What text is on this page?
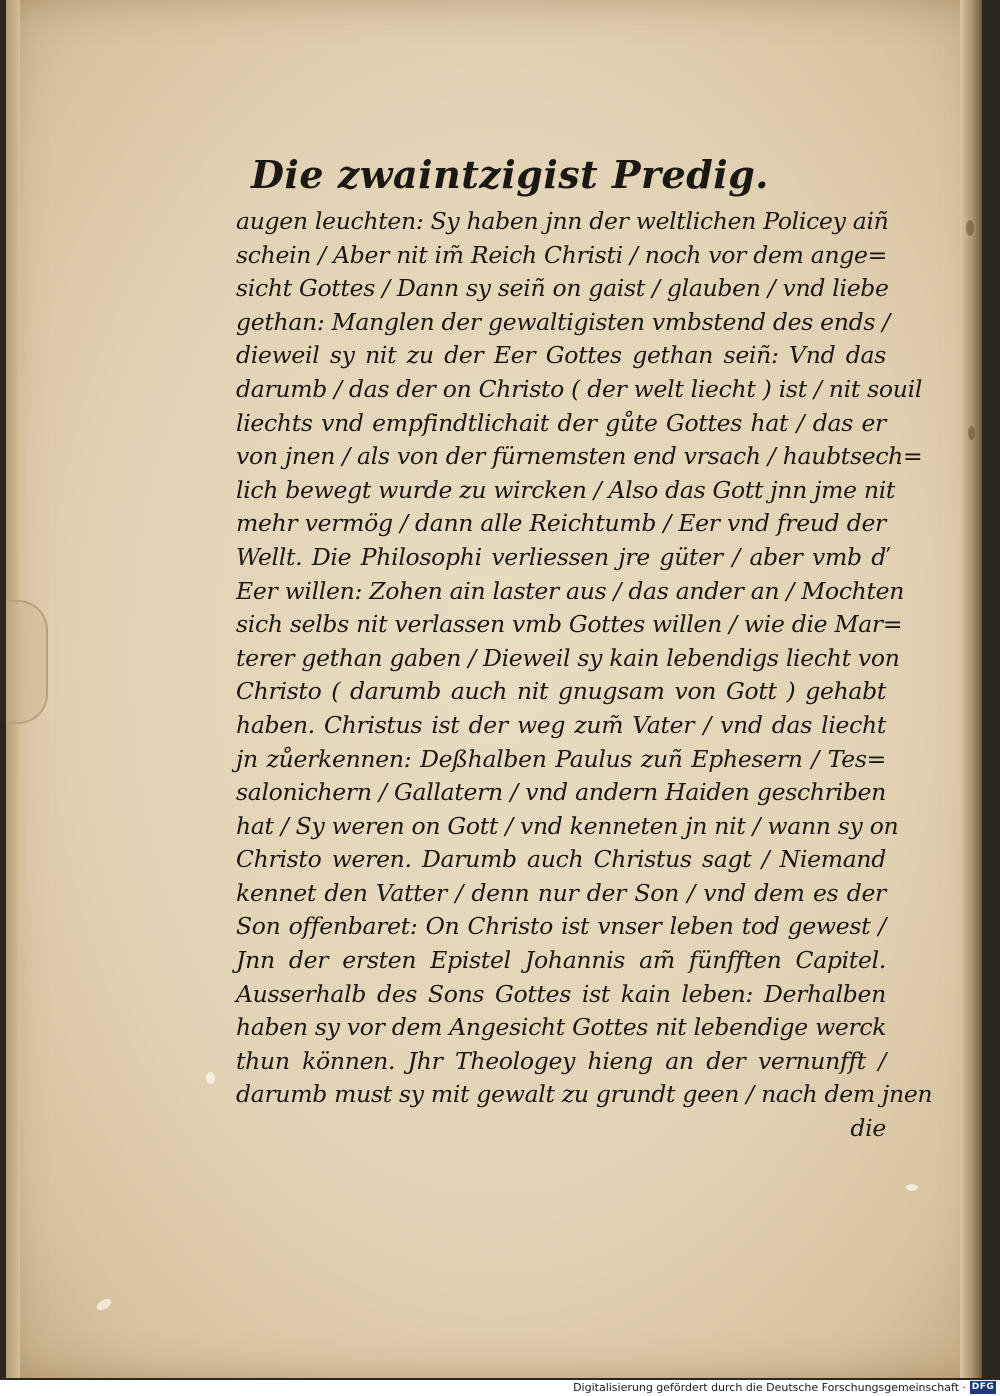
Die zwaintzigist Predig.
augen leuchten: Sy haben jnn der weltlichen Policey aiñ
schein / Aber nit im̃ Reich Christi / noch vor dem ange=
sicht Gottes / Dann sy seiñ on gaist / glauben / vnd liebe
gethan: Manglen der gewaltigisten vmbstend des ends /
dieweil sy nit zu der Eer Gottes gethan seiñ: Vnd das
darumb / das der on Christo ( der welt liecht ) ist / nit souil
liechts vnd empfindtlichait der gůte Gottes hat / das er
von jnen / als von der fürnemsten end vrsach / haubtsech=
lich bewegt wurde zu wircken / Also das Gott jnn jme nit
mehr vermög / dann alle Reichtumb / Eer vnd freud der
Wellt. Die Philosophi verliessen jre güter / aber vmb ď
Eer willen: Zohen ain laster aus / das ander an / Mochten
sich selbs nit verlassen vmb Gottes willen / wie die Mar=
terer gethan gaben / Dieweil sy kain lebendigs liecht von
Christo ( darumb auch nit gnugsam von Gott ) gehabt
haben. Christus ist der weg zum̃ Vater / vnd das liecht
jn zůerkennen: Deßhalben Paulus zuñ Ephesern / Tes=
salonichern / Gallatern / vnd andern Haiden geschriben
hat / Sy weren on Gott / vnd kenneten jn nit / wann sy on
Christo weren. Darumb auch Christus sagt / Niemand
kennet den Vatter / denn nur der Son / vnd dem es der
Son offenbaret: On Christo ist vnser leben tod gewest /
Jnn der ersten Epistel Johannis am̃ fünfften Capitel.
Ausserhalb des Sons Gottes ist kain leben: Derhalben
haben sy vor dem Angesicht Gottes nit lebendige werck
thun können. Jhr Theologey hieng an der vernunfft /
darumb must sy mit gewalt zu grundt geen / nach dem jnen
die
Digitalisierung gefördert durch die Deutsche Forschungsgemeinschaft · DFG
